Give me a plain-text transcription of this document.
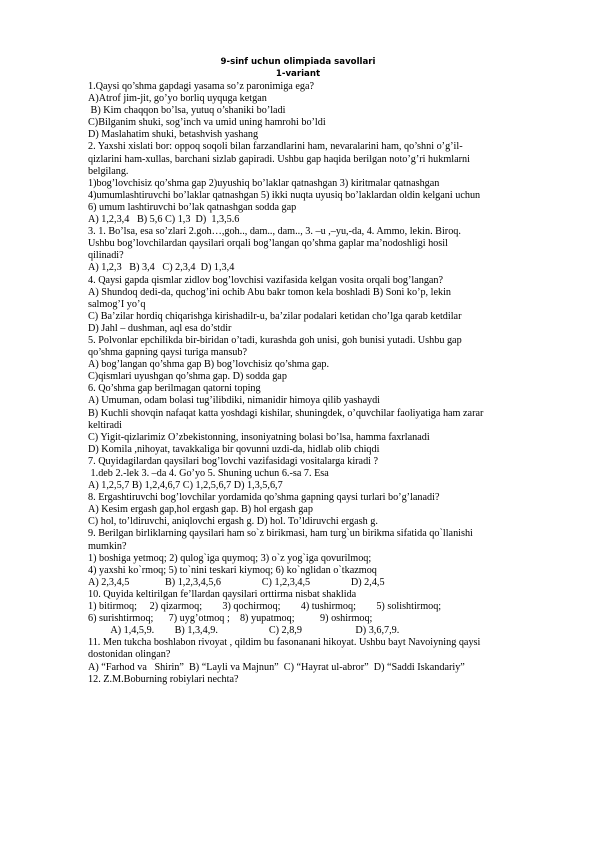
9-sinf uchun olimpiada savollari
1-variant
1.Qaysi qo’shma gapdagi yasama so’z paronimiga ega?
A)Atrof jim-jit, go’yo borliq uyquga ketgan
B) Kim chaqqon bo’lsa, yutuq o’shaniki bo’ladi
C)Bilganim shuki, sog’inch va umid uning hamrohi bo’ldi
D) Maslahatim shuki, betashvish yashang
2. Yaxshi xislati bor: oppoq soqoli bilan farzandlarini ham, nevaralarini ham, qo’shni o’g’il-
qizlarini ham-xullas, barchani sizlab gapiradi. Ushbu gap haqida berilgan noto’g’ri hukmlarni
belgilang.
1)bog’lovchisiz qo’shma gap 2)uyushiq bo’laklar qatnashgan 3) kiritmalar qatnashgan
4)umumlashtiruvchi bo’laklar qatnashgan 5) ikki nuqta uyusiq bo’laklardan oldin kelgani uchun
6) umum lashtiruvchi bo’lak qatnashgan sodda gap
A) 1,2,3,4   B) 5,6 C) 1,3  D)  1,3,5.6
3. 1. Bo’lsa, esa so’zlari 2.goh…,goh.., dam.., dam.., 3. –u ,–yu,-da, 4. Ammo, lekin. Biroq.
Ushbu bog’lovchilardan qaysilari orqali bog’langan qo’shma gaplar ma’nodoshligi hosil
qilinadi?
A) 1,2,3   B) 3,4   C) 2,3,4  D) 1,3,4
4. Qaysi gapda qismlar zidlov bog’lovchisi vazifasida kelgan vosita orqali bog’langan?
A) Shundoq dedi-da, quchog’ini ochib Abu bakr tomon kela boshladi B) Soni ko’p, lekin
salmog’I yo’q
C) Ba’zilar hordiq chiqarishga kirishadilr-u, ba’zilar podalari ketidan cho’lga qarab ketdilar
D) Jahl – dushman, aql esa do’stdir
5. Polvonlar epchilikda bir-biridan o’tadi, kurashda goh unisi, goh bunisi yutadi. Ushbu gap
qo’shma gapning qaysi turiga mansub?
A) bog’langan qo’shma gap B) bog’lovchisiz qo’shma gap.
C)qismlari uyushgan qo’shma gap. D) sodda gap
6. Qo’shma gap berilmagan qatorni toping
A) Umuman, odam bolasi tug’ilibdiki, nimanidir himoya qilib yashaydi
B) Kuchli shovqin nafaqat katta yoshdagi kishilar, shuningdek, o’quvchilar faoliyatiga ham zarar
keltiradi
C) Yigit-qizlarimiz O’zbekistonning, insoniyatning bolasi bo’lsa, hamma faxrlanadi
D) Komila ,nihoyat, tavakkaliga bir qovunni uzdi-da, hidlab olib chiqdi
7. Quyidagilardan qaysilari bog’lovchi vazifasidagi vositalarga kiradi ?
1.deb 2.-lek 3. –da 4. Go’yo 5. Shuning uchun 6.-sa 7. Esa
A) 1,2,5,7 B) 1,2,4,6,7 C) 1,2,5,6,7 D) 1,3,5,6,7
8. Ergashtiruvchi bog’lovchilar yordamida qo’shma gapning qaysi turlari bo’g’lanadi?
A) Kesim ergash gap,hol ergash gap. B) hol ergash gap
C) hol, to’ldiruvchi, aniqlovchi ergash g. D) hol. To’ldiruvchi ergash g.
9. Berilgan birliklarning qaysilari ham so`z birikmasi, ham turg`un birikma sifatida qo`llanishi
mumkin?
1) boshiga yetmoq; 2) qulog`iga quymoq; 3) o`z yog`iga qovurilmoq;
4) yaxshi ko`rmoq; 5) to`nini teskari kiymoq; 6) ko`nglidan o`tkazmoq
A) 2,3,4,5              B) 1,2,3,4,5,6                C) 1,2,3,4,5                D) 2,4,5
10. Quyida keltirilgan fe’llardan qaysilari orttirma nisbat shaklida
1) bitirmoq;     2) qizarmoq;        3) qochirmoq;        4) tushirmoq;        5) solishtirmoq;
6) surishtirmoq;      7) uyg’otmoq ;    8) yupatmoq;          9) oshirmoq;
A) 1,4,5,9.        B) 1,3,4,9.                    C) 2,8,9                     D) 3,6,7,9.
11. Men tukcha boshlabon rivoyat , qildim bu fasonanani hikoyat. Ushbu bayt Navoiyning qaysi
dostonidan olingan?
A) “Farhod va   Shirin”  B) “Layli va Majnun”  C) “Hayrat ul-abror”  D) “Saddi Iskandariy”
12. Z.M.Boburning robiylari nechta?
